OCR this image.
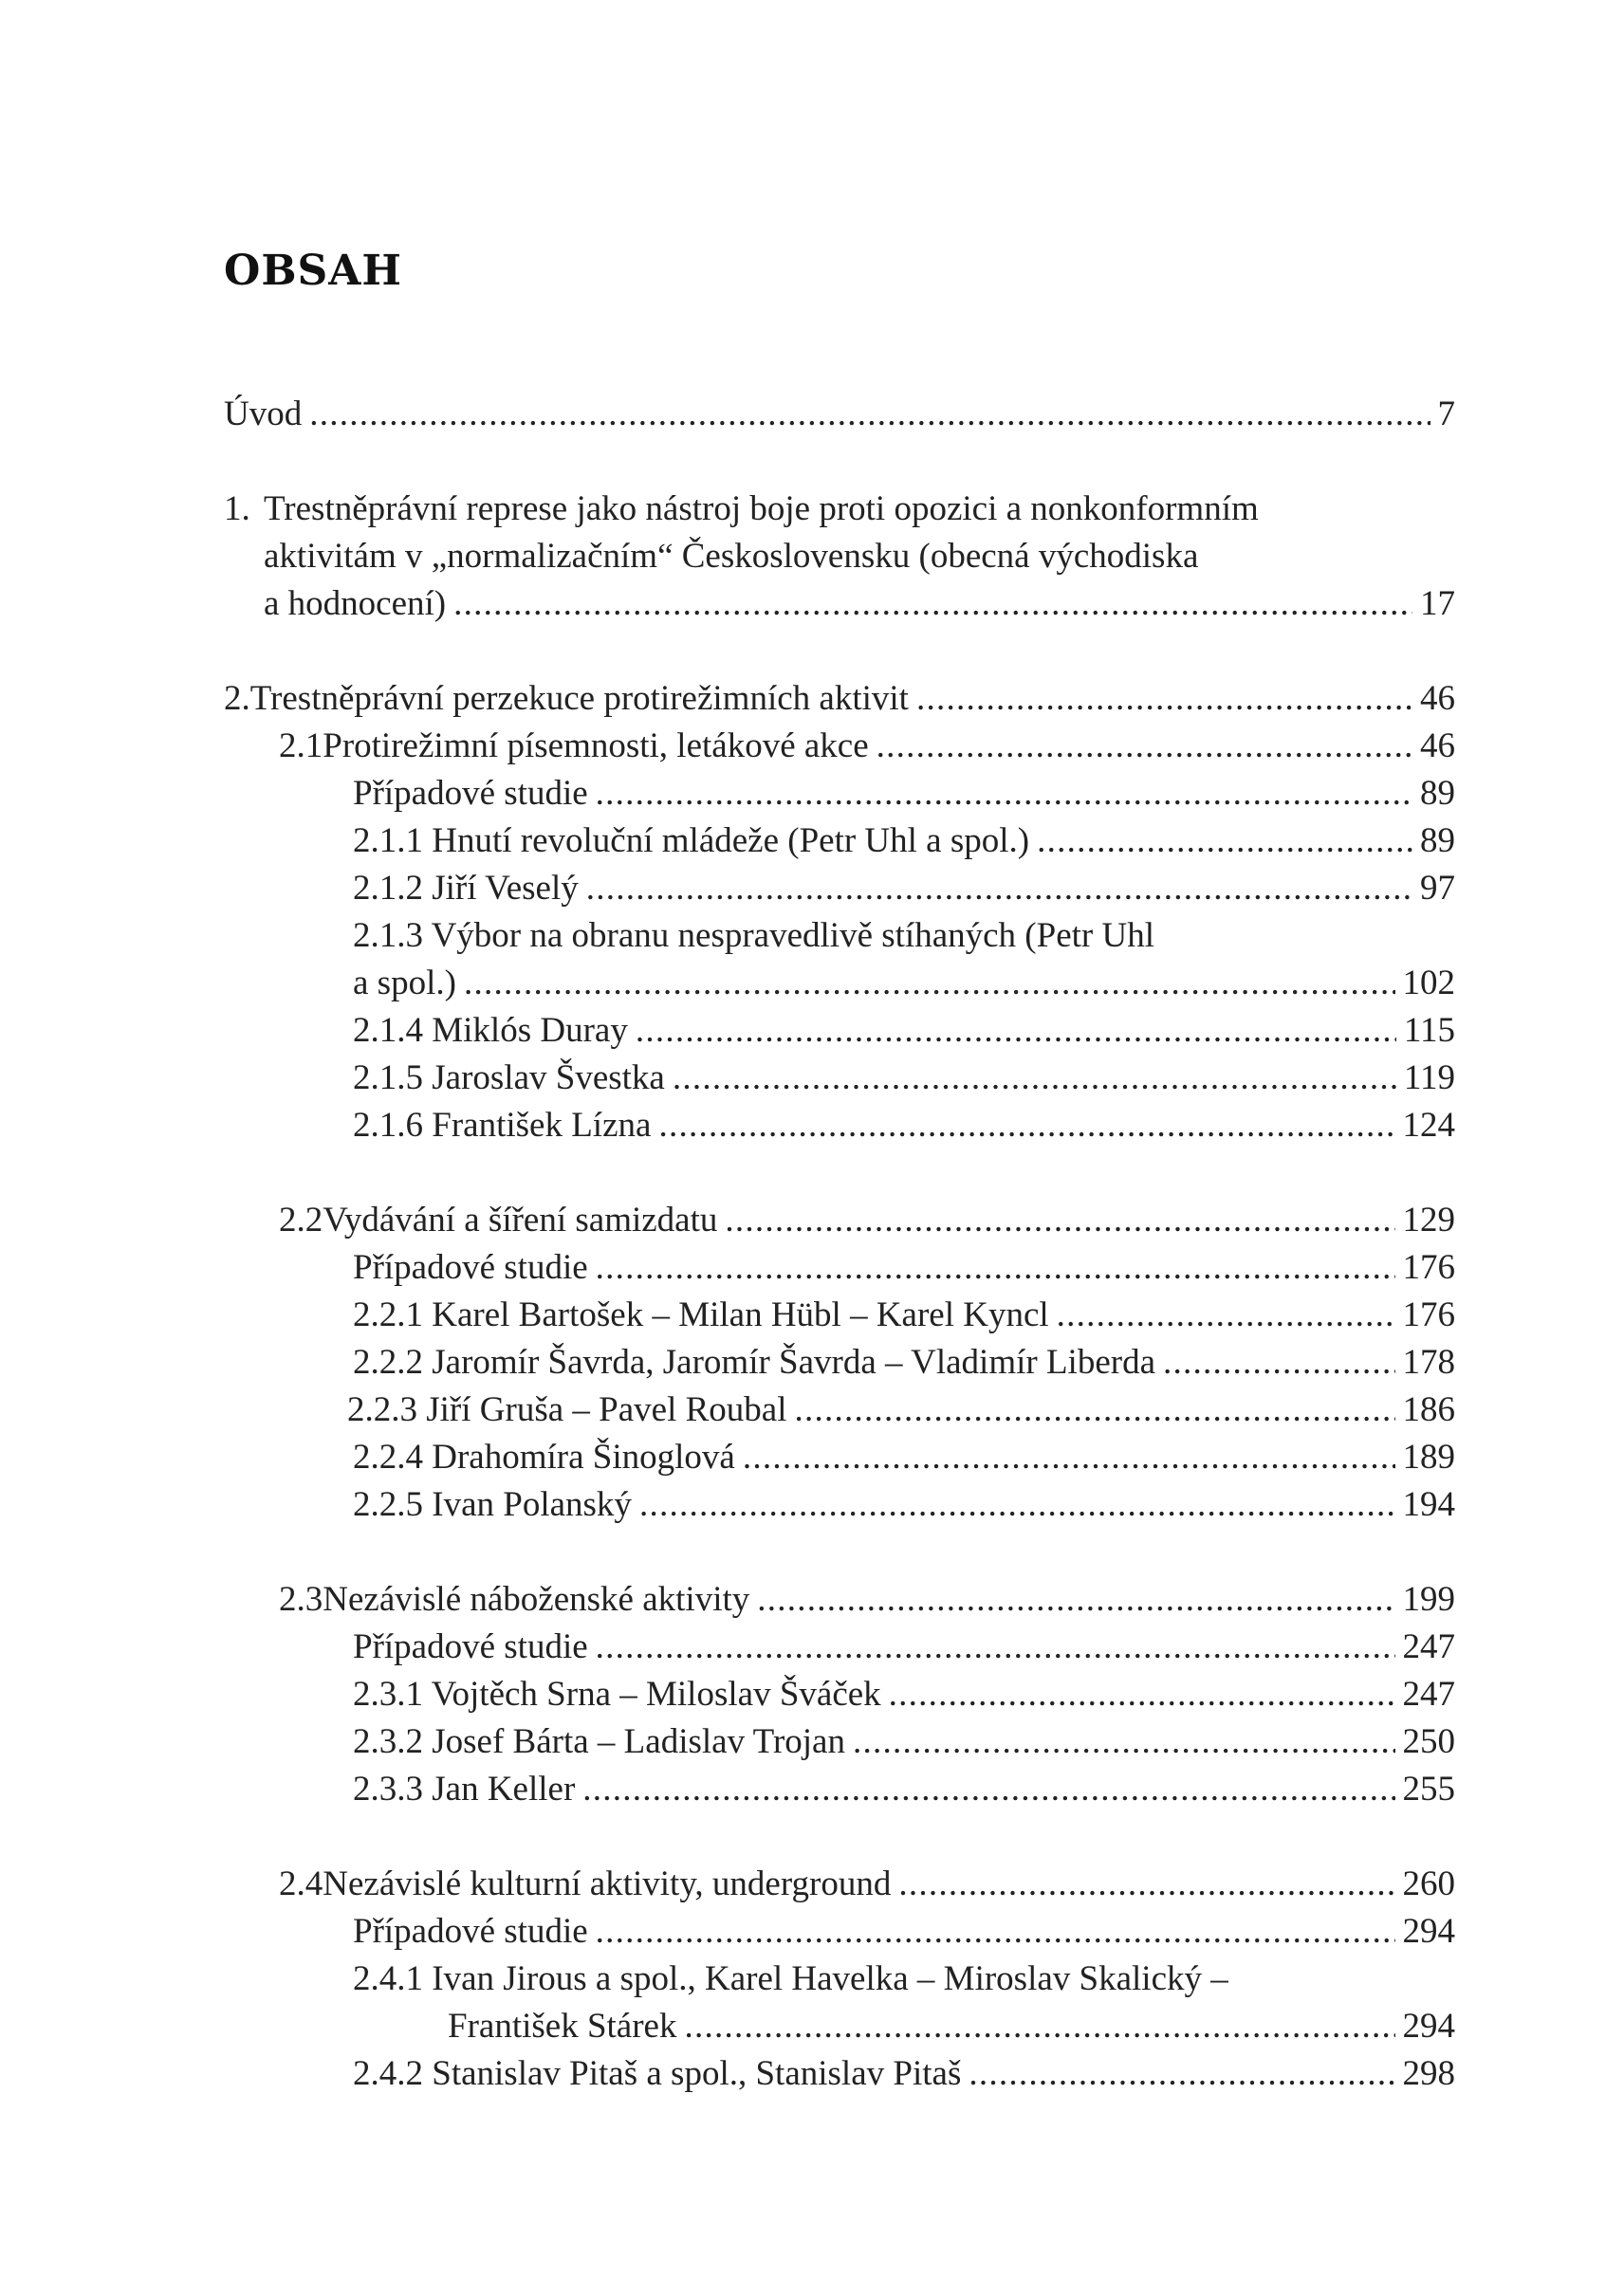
OBSAH
Úvod . . .	7
1. Trestněprávní represe jako nástroj boje proti opozici a nonkonformním
aktivitám v „normalizačním“ Československu (obecná východiska
a hodnocení) . . .	17
2. Trestněprávní perzekuce protirežimních aktivit . . .	46
2.1 Protirežimní písemnosti, letákové akce . . .	46
Případové studie . . .	89
2.1.1 Hnutí revoluční mládeže (Petr Uhl a spol.) . . .	89
2.1.2 Jiří Veselý . . .	97
2.1.3 Výbor na obranu nespravedlivě stíhaných (Petr Uhl
a spol.) . . .	102
2.1.4 Miklós Duray . . .	115
2.1.5 Jaroslav Švestka . . .	119
2.1.6 František Lízna . . .	124
2.2 Vydávání a šíření samizdatu . . .	129
Případové studie . . .	176
2.2.1 Karel Bartošek – Milan Hübl – Karel Kyncl . . .	176
2.2.2 Jaromír Šavrda, Jaromír Šavrda – Vladimír Liberda . . .	178
2.2.3 Jiří Gruša – Pavel Roubal . . .	186
2.2.4 Drahomíra Šinoglová . . .	189
2.2.5 Ivan Polanský . . .	194
2.3 Nezávislé náboženské aktivity . . .	199
Případové studie . . .	247
2.3.1 Vojtěch Srna – Miloslav Šváček . . .	247
2.3.2 Josef Bárta – Ladislav Trojan . . .	250
2.3.3 Jan Keller . . .	255
2.4 Nezávislé kulturní aktivity, underground . . .	260
Případové studie . . .	294
2.4.1 Ivan Jirous a spol., Karel Havelka – Miroslav Skalický –
František Stárek . . .	294
2.4.2 Stanislav Pitaš a spol., Stanislav Pitaš . . .	298
